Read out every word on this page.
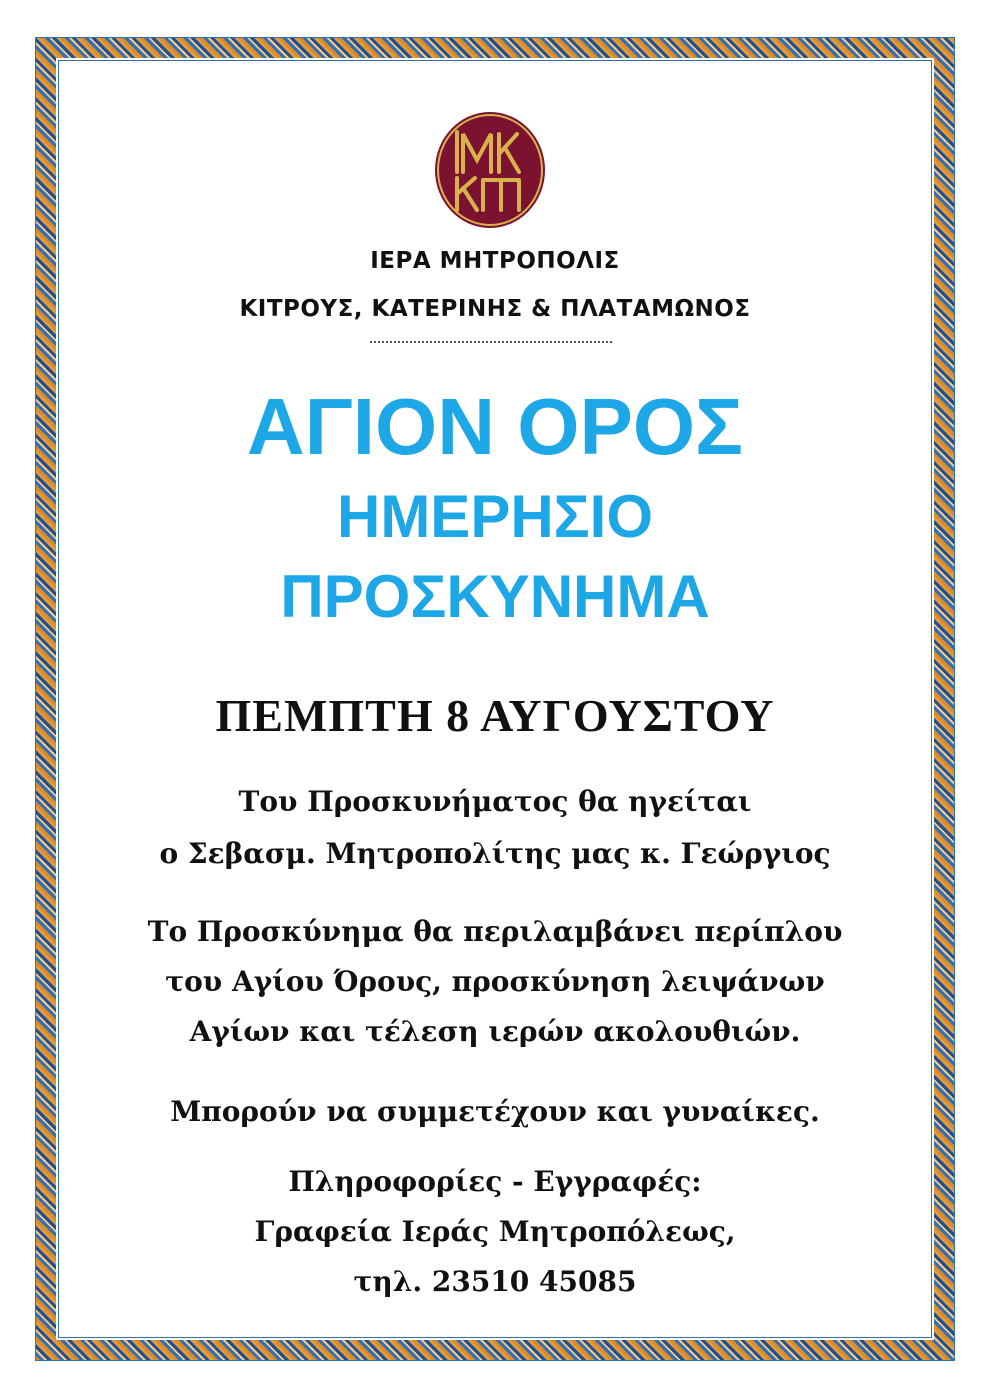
ΙΕΡΑ ΜΗΤΡΟΠΟΛΙΣ

ΚΙΤΡΟΥΣ, ΚΑΤΕΡΙΝΗΣ & ΠΛΑΤΑΜΩΝΟΣ

ΑΓΙΟΝ ΟΡΟΣ

ΗΜΕΡΗΣΙΟ

ΠΡΟΣΚΥΝΗΜΑ

ΠΕΜΠΤΗ 8 ΑΥΓΟΥΣΤΟΥ

Του Προσκυνήματος θα ηγείται

ο Σεβασμ. Μητροπολίτης μας κ. Γεώργιος

Το Προσκύνημα θα περιλαμβάνει περίπλου

του Αγίου Όρους, προσκύνηση λειψάνων

Αγίων και τέλεση ιερών ακολουθιών.

Μπορούν να συμμετέχουν και γυναίκες.

Πληροφορίες - Εγγραφές:

Γραφεία Ιεράς Μητροπόλεως,

τηλ. 23510 45085
